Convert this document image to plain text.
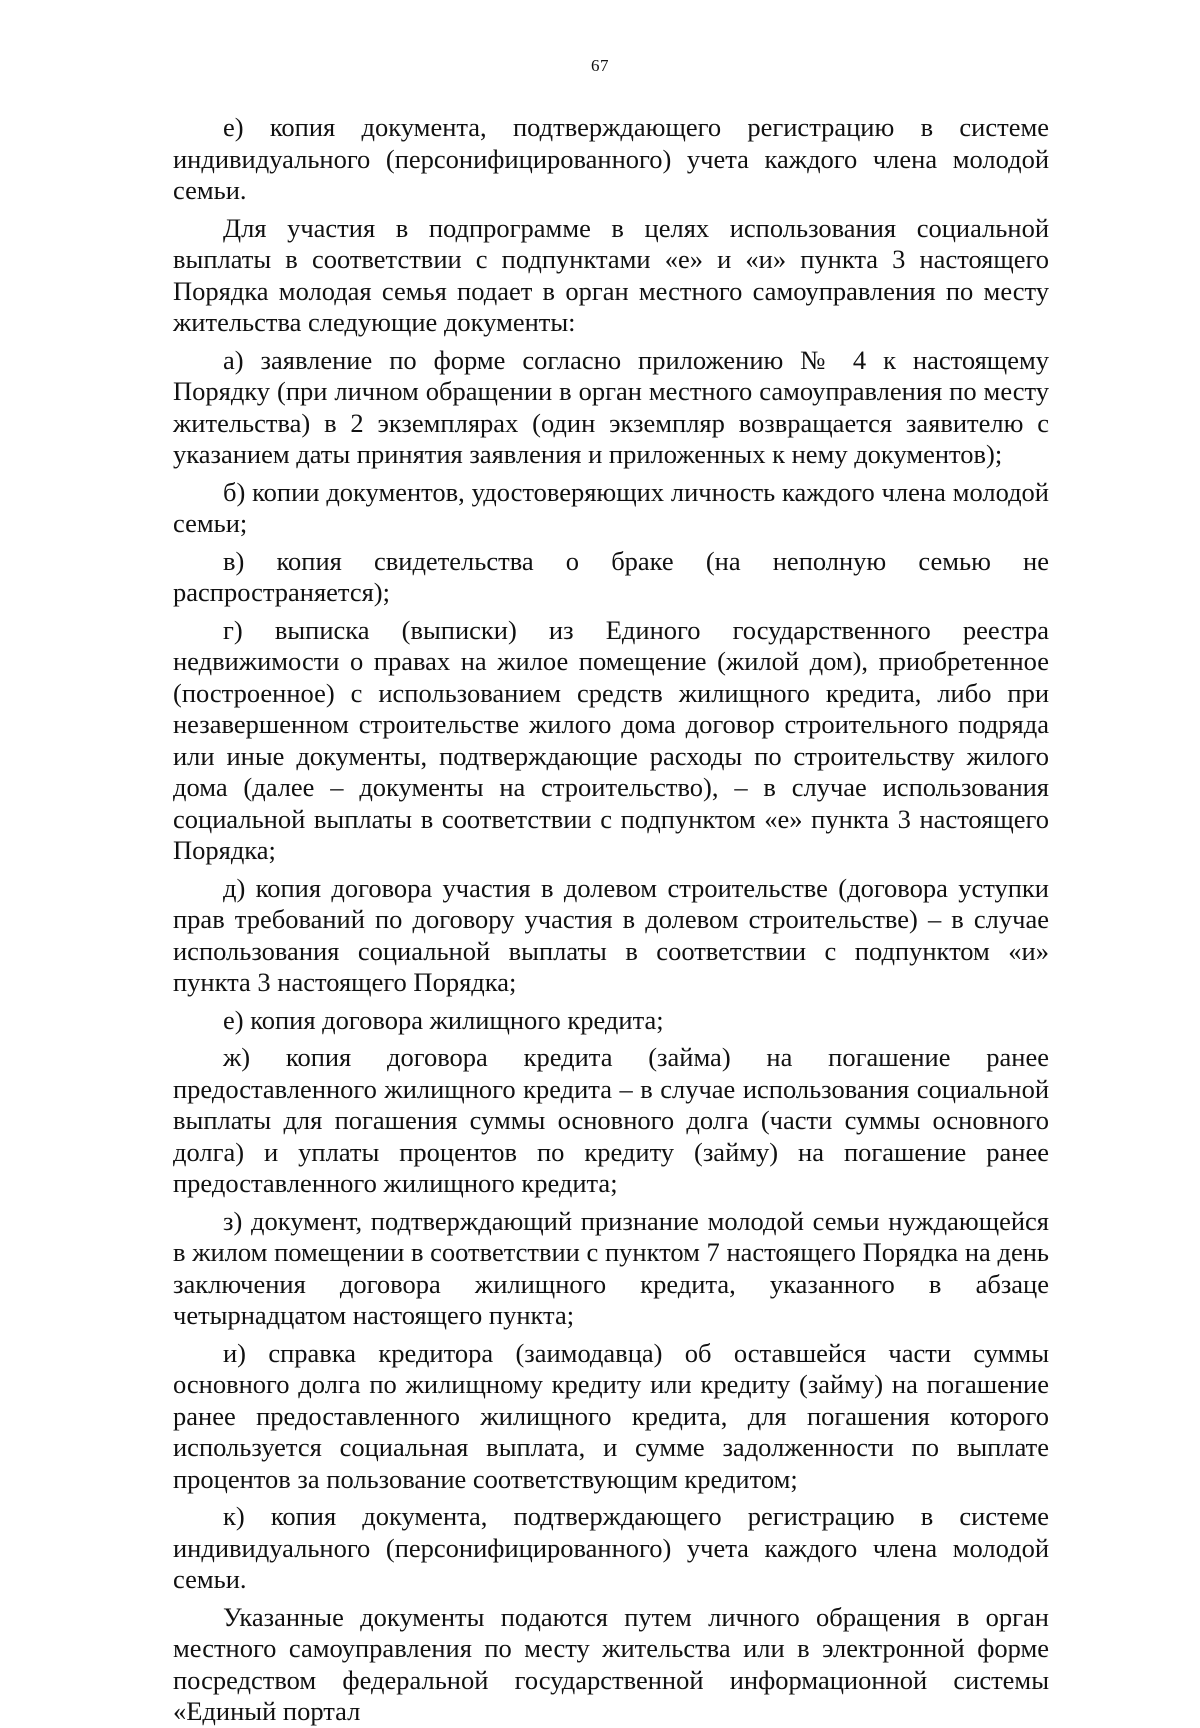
67

е) копия документа, подтверждающего регистрацию в системе индивидуального (персонифицированного) учета каждого члена молодой семьи.

Для участия в подпрограмме в целях использования социальной выплаты в соответствии с подпунктами «е» и «и» пункта 3 настоящего Порядка молодая семья подает в орган местного самоуправления по месту жительства следующие документы:

а) заявление по форме согласно приложению № 4 к настоящему Порядку (при личном обращении в орган местного самоуправления по месту жительства) в 2 экземплярах (один экземпляр возвращается заявителю с указанием даты принятия заявления и приложенных к нему документов);

б) копии документов, удостоверяющих личность каждого члена молодой семьи;

в) копия свидетельства о браке (на неполную семью не распространяется);

г) выписка (выписки) из Единого государственного реестра недвижимости о правах на жилое помещение (жилой дом), приобретенное (построенное) с использованием средств жилищного кредита, либо при незавершенном строительстве жилого дома договор строительного подряда или иные документы, подтверждающие расходы по строительству жилого дома (далее – документы на строительство), – в случае использования социальной выплаты в соответствии с подпунктом «е» пункта 3 настоящего Порядка;

д) копия договора участия в долевом строительстве (договора уступки прав требований по договору участия в долевом строительстве) – в случае использования социальной выплаты в соответствии с подпунктом «и» пункта 3 настоящего Порядка;

е) копия договора жилищного кредита;

ж) копия договора кредита (займа) на погашение ранее предоставленного жилищного кредита – в случае использования социальной выплаты для погашения суммы основного долга (части суммы основного долга) и уплаты процентов по кредиту (займу) на погашение ранее предоставленного жилищного кредита;

з) документ, подтверждающий признание молодой семьи нуждающейся в жилом помещении в соответствии с пунктом 7 настоящего Порядка на день заключения договора жилищного кредита, указанного в абзаце четырнадцатом настоящего пункта;

и) справка кредитора (заимодавца) об оставшейся части суммы основного долга по жилищному кредиту или кредиту (займу) на погашение ранее предоставленного жилищного кредита, для погашения которого используется социальная выплата, и сумме задолженности по выплате процентов за пользование соответствующим кредитом;

к) копия документа, подтверждающего регистрацию в системе индивидуального (персонифицированного) учета каждого члена молодой семьи.

Указанные документы подаются путем личного обращения в орган местного самоуправления по месту жительства или в электронной форме посредством федеральной государственной информационной системы «Единый портал
